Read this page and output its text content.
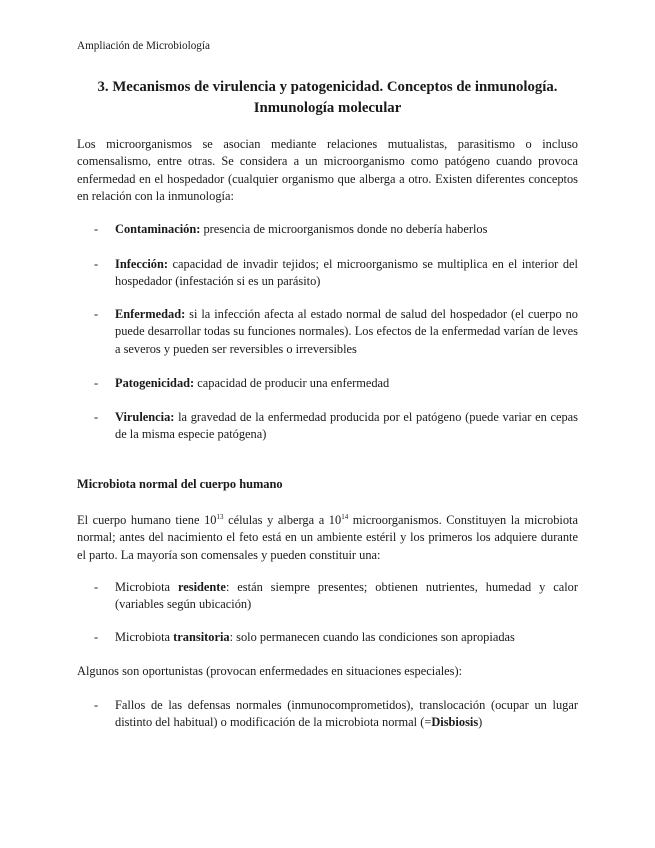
Ampliación de Microbiología
3. Mecanismos de virulencia y patogenicidad. Conceptos de inmunología.
Inmunología molecular
Los microorganismos se asocian mediante relaciones mutualistas, parasitismo o incluso comensalismo, entre otras. Se considera a un microorganismo como patógeno cuando provoca enfermedad en el hospedador (cualquier organismo que alberga a otro. Existen diferentes conceptos en relación con la inmunología:
- Contaminación: presencia de microorganismos donde no debería haberlos
- Infección: capacidad de invadir tejidos; el microorganismo se multiplica en el interior del hospedador (infestación si es un parásito)
- Enfermedad: si la infección afecta al estado normal de salud del hospedador (el cuerpo no puede desarrollar todas su funciones normales). Los efectos de la enfermedad varían de leves a severos y pueden ser reversibles o irreversibles
- Patogenicidad: capacidad de producir una enfermedad
- Virulencia: la gravedad de la enfermedad producida por el patógeno (puede variar en cepas de la misma especie patógena)
Microbiota normal del cuerpo humano
El cuerpo humano tiene $10^{13}$ células y alberga a $10^{14}$ microorganismos. Constituyen la microbiota normal; antes del nacimiento el feto está en un ambiente estéril y los primeros los adquiere durante el parto. La mayoría son comensales y pueden constituir una:
- Microbiota residente: están siempre presentes; obtienen nutrientes, humedad y calor (variables según ubicación)
- Microbiota transitoria: solo permanecen cuando las condiciones son apropiadas
Algunos son oportunistas (provocan enfermedades en situaciones especiales):
- Fallos de las defensas normales (inmunocomprometidos), translocación (ocupar un lugar distinto del habitual) o modificación de la microbiota normal (=Disbiosis)
